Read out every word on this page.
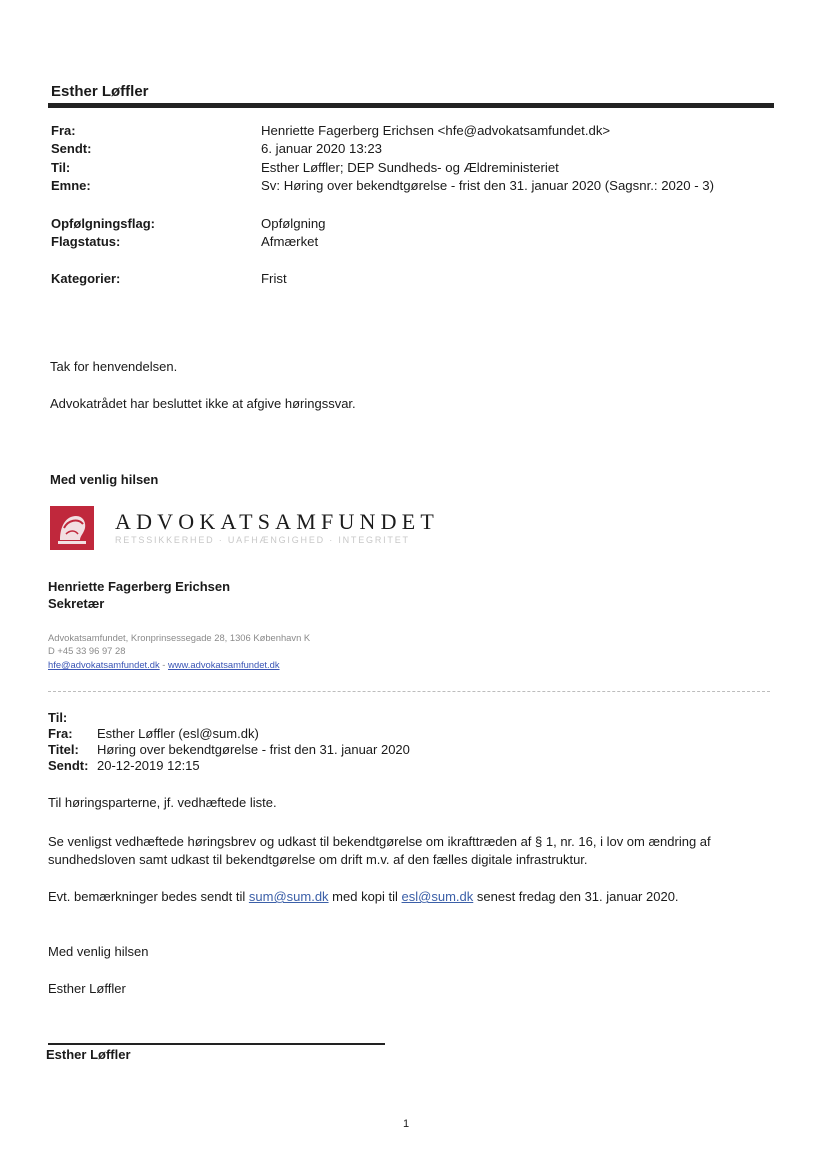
Esther Løffler
Fra:	Henriette Fagerberg Erichsen <hfe@advokatsamfundet.dk>
Sendt:	6. januar 2020 13:23
Til:	Esther Løffler; DEP Sundheds- og Ældreministeriet
Emne:	Sv: Høring over bekendtgørelse - frist den 31. januar 2020 (Sagsnr.: 2020 - 3)
Opfølgningsflag:	Opfølgning
Flagstatus:	Afmærket
Kategorier:	Frist
Tak for henvendelsen.
Advokatrådet har besluttet ikke at afgive høringssvar.
Med venlig hilsen
ADVOKATSAMFUNDET
RETSSIKKERHED · UAFHÆNGIGHED · INTEGRITET
Henriette Fagerberg Erichsen
Sekretær
Advokatsamfundet, Kronprinsessegade 28, 1306 København K
D +45 33 96 97 28
hfe@advokatsamfundet.dk - www.advokatsamfundet.dk
Til:
Fra: Esther Løffler (esl@sum.dk)
Titel: Høring over bekendtgørelse - frist den 31. januar 2020
Sendt: 20-12-2019 12:15
Til høringsparterne, jf. vedhæftede liste.
Se venligst vedhæftede høringsbrev og udkast til bekendtgørelse om ikrafttræden af § 1, nr. 16, i lov om ændring af
sundhedsloven samt udkast til bekendtgørelse om drift m.v. af den fælles digitale infrastruktur.
Evt. bemærkninger bedes sendt til sum@sum.dk med kopi til esl@sum.dk senest fredag den 31. januar 2020.
Med venlig hilsen
Esther Løffler
Esther Løffler
1
